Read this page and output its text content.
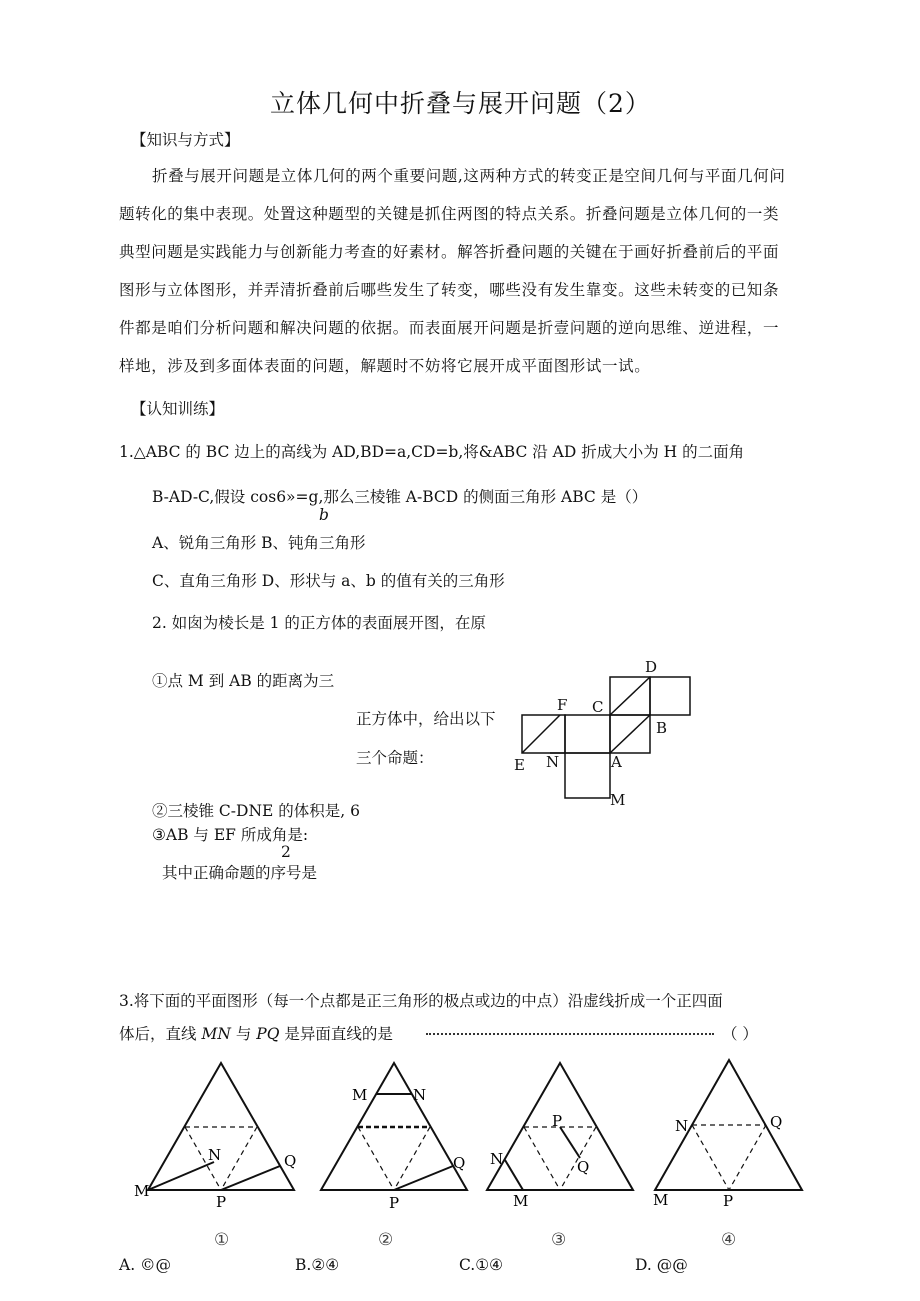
立体几何中折叠与展开问题（2）
【知识与方式】
折叠与展开问题是立体几何的两个重要问题,这两种方式的转变正是空间几何与平面几何问
题转化的集中表现。处置这种题型的关键是抓住两图的特点关系。折叠问题是立体几何的一类
典型问题是实践能力与创新能力考查的好素材。解答折叠问题的关键在于画好折叠前后的平面
图形与立体图形，并弄清折叠前后哪些发生了转变，哪些没有发生靠变。这些未转变的已知条
件都是咱们分析问题和解决问题的依据。而表面展开问题是折壹问题的逆向思维、逆进程，一
样地，涉及到多面体表面的问题，解题时不妨将它展开成平面图形试一试。
【认知训练】
1.△ABC 的 BC 边上的高线为 AD,BD=a,CD=b,将&ABC 沿 AD 折成大小为 H 的二面角
B-AD-C,假设 cos6»=g,那么三棱锥 A-BCD 的侧面三角形 ABC 是（）
b
A、锐角三角形 B、钝角三角形
C、直角三角形 D、形状与 a、b 的值有关的三角形
2. 如囱为棱长是 1 的正方体的表面展开图，在原
①点 M 到 AB 的距离为三
正方体中，给出以下
三个命题：
②三棱锥 C-DNE 的体积是, 6
③AB 与 EF 所成角是:
2
其中正确命题的序号是
D
F C
B
E N	A
M
3.将下面的平面图形（每一个点都是正三角形的极点或边的中点）沿虚线折成一个正四面
体后，直线 MN 与 PQ 是异面直线的是	（ ）
M
N
P
Q
①
M	N
P
Q
②
N
M
P
Q
③
N	Q
M	P
④
A. ©@	B.②④	C.①④	D. @@
